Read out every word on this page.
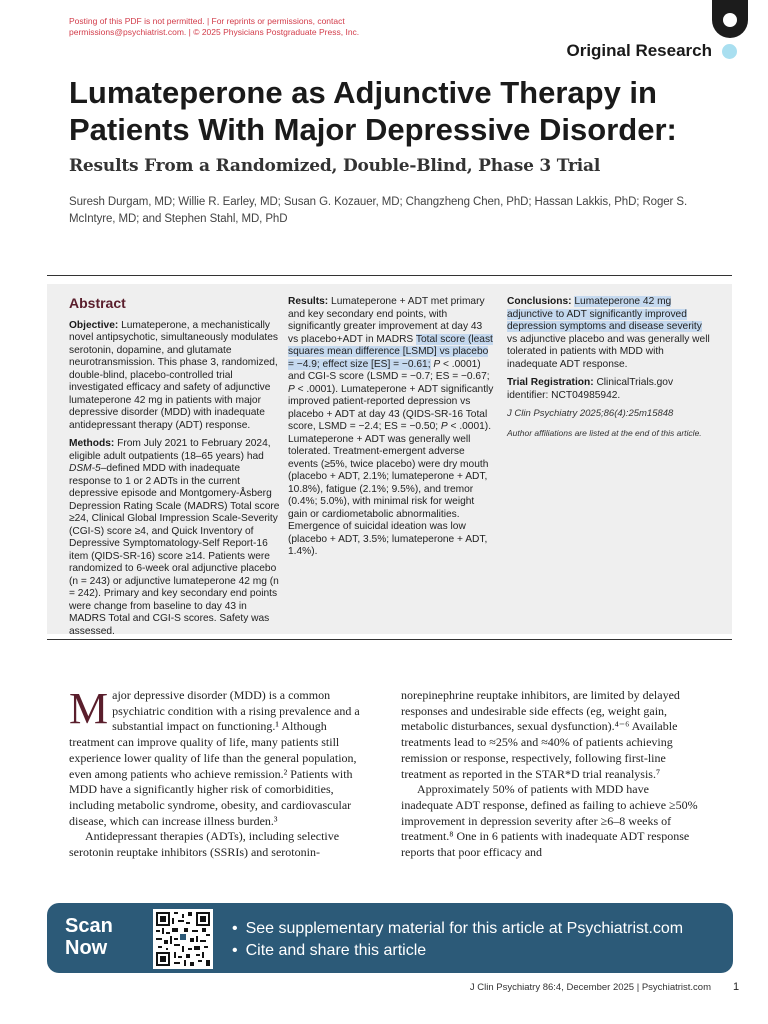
Posting of this PDF is not permitted. | For reprints or permissions, contact
permissions@psychiatrist.com. | © 2025 Physicians Postgraduate Press, Inc.
Original Research
Lumateperone as Adjunctive Therapy in Patients With Major Depressive Disorder:
Results From a Randomized, Double-Blind, Phase 3 Trial
Suresh Durgam, MD; Willie R. Earley, MD; Susan G. Kozauer, MD; Changzheng Chen, PhD; Hassan Lakkis, PhD; Roger S. McIntyre, MD; and Stephen Stahl, MD, PhD
Abstract

Objective: Lumateperone, a mechanistically novel antipsychotic, simultaneously modulates serotonin, dopamine, and glutamate neurotransmission. This phase 3, randomized, double-blind, placebo-controlled trial investigated efficacy and safety of adjunctive lumateperone 42 mg in patients with major depressive disorder (MDD) with inadequate antidepressant therapy (ADT) response.

Methods: From July 2021 to February 2024, eligible adult outpatients (18–65 years) had DSM-5–defined MDD with inadequate response to 1 or 2 ADTs in the current depressive episode and Montgomery-Åsberg Depression Rating Scale (MADRS) Total score ≥24, Clinical Global Impression Scale-Severity (CGI-S) score ≥4, and Quick Inventory of Depressive Symptomatology-Self Report-16 item (QIDS-SR-16) score ≥14. Patients were randomized to 6-week oral adjunctive placebo (n = 243) or adjunctive lumateperone 42 mg (n = 242). Primary and key secondary end points were change from baseline to day 43 in MADRS Total and CGI-S scores. Safety was assessed.

Results: Lumateperone + ADT met primary and key secondary end points, with significantly greater improvement at day 43 vs placebo+ADT in MADRS Total score (least squares mean difference [LSMD] vs placebo = −4.9; effect size [ES] = −0.61; P < .0001) and CGI-S score (LSMD = −0.7; ES = −0.67; P < .0001). Lumateperone + ADT significantly improved patient-reported depression vs placebo + ADT at day 43 (QIDS-SR-16 Total score, LSMD = −2.4; ES = −0.50; P < .0001). Lumateperone + ADT was generally well tolerated. Treatment-emergent adverse events (≥5%, twice placebo) were dry mouth (placebo + ADT, 2.1%; lumateperone + ADT, 10.8%), fatigue (2.1%; 9.5%), and tremor (0.4%; 5.0%), with minimal risk for weight gain or cardiometabolic abnormalities. Emergence of suicidal ideation was low (placebo + ADT, 3.5%; lumateperone + ADT, 1.4%).

Conclusions: Lumateperone 42 mg adjunctive to ADT significantly improved depression symptoms and disease severity vs adjunctive placebo and was generally well tolerated in patients with MDD with inadequate ADT response.

Trial Registration: ClinicalTrials.gov identifier: NCT04985942.

J Clin Psychiatry 2025;86(4):25m15848

Author affiliations are listed at the end of this article.

Major depressive disorder (MDD) is a common psychiatric condition with a rising prevalence and a substantial impact on functioning.¹ Although treatment can improve quality of life, many patients still experience lower quality of life than the general population, even among patients who achieve remission.² Patients with MDD have a significantly higher risk of comorbidities, including metabolic syndrome, obesity, and cardiovascular disease, which can increase illness burden.³

Antidepressant therapies (ADTs), including selective serotonin reuptake inhibitors (SSRIs) and serotonin-

norepinephrine reuptake inhibitors, are limited by delayed responses and undesirable side effects (eg, weight gain, metabolic disturbances, sexual dysfunction).⁴⁻⁶ Available treatments lead to ≈25% and ≈40% of patients achieving remission or response, respectively, following first-line treatment as reported in the STAR*D trial reanalysis.⁷

Approximately 50% of patients with MDD have inadequate ADT response, defined as failing to achieve ≥50% improvement in depression severity after ≥6–8 weeks of treatment.⁸ One in 6 patients with inadequate ADT response reports that poor efficacy and

Scan
Now
• See supplementary material for this article at Psychiatrist.com
• Cite and share this article
J Clin Psychiatry 86:4, December 2025 | Psychiatrist.com 1
